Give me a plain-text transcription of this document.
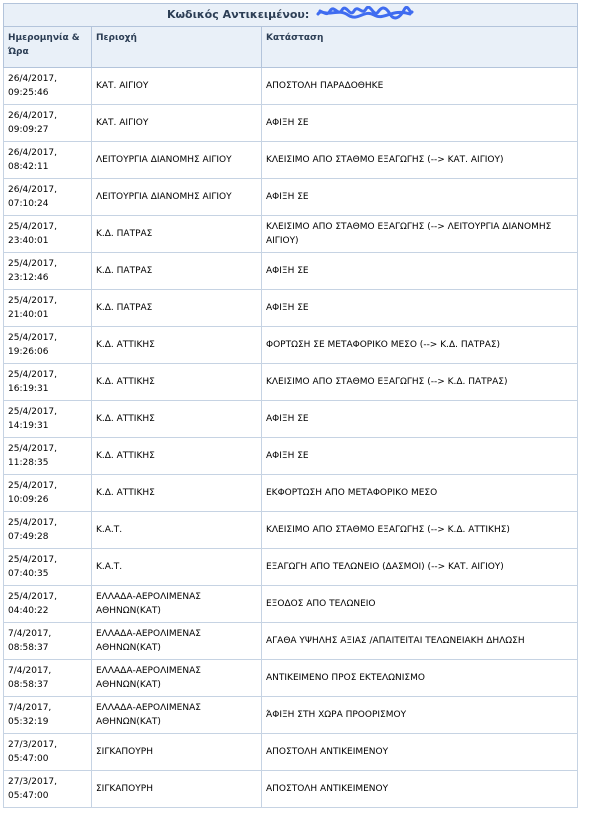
Κωδικός Αντικειμένου:		
Ημερομηνία & Ώρα	Περιοχή	Κατάσταση
26/4/2017,
09:25:46	ΚΑΤ. ΑΙΓΙΟΥ	ΑΠΟΣΤΟΛΗ ΠΑΡΑΔΟΘΗΚΕ
26/4/2017,
09:09:27	ΚΑΤ. ΑΙΓΙΟΥ	ΑΦΙΞΗ ΣΕ
26/4/2017,
08:42:11	ΛΕΙΤΟΥΡΓΙΑ ΔΙΑΝΟΜΗΣ ΑΙΓΙΟΥ	ΚΛΕΙΣΙΜΟ ΑΠΟ ΣΤΑΘΜΟ ΕΞΑΓΩΓΗΣ (--> ΚΑΤ. ΑΙΓΙΟΥ)
26/4/2017,
07:10:24	ΛΕΙΤΟΥΡΓΙΑ ΔΙΑΝΟΜΗΣ ΑΙΓΙΟΥ	ΑΦΙΞΗ ΣΕ
25/4/2017,
23:40:01	Κ.Δ. ΠΑΤΡΑΣ	ΚΛΕΙΣΙΜΟ ΑΠΟ ΣΤΑΘΜΟ ΕΞΑΓΩΓΗΣ (--> ΛΕΙΤΟΥΡΓΙΑ ΔΙΑΝΟΜΗΣ ΑΙΓΙΟΥ)
25/4/2017,
23:12:46	Κ.Δ. ΠΑΤΡΑΣ	ΑΦΙΞΗ ΣΕ
25/4/2017,
21:40:01	Κ.Δ. ΠΑΤΡΑΣ	ΑΦΙΞΗ ΣΕ
25/4/2017,
19:26:06	Κ.Δ. ΑΤΤΙΚΗΣ	ΦΟΡΤΩΣΗ ΣΕ ΜΕΤΑΦΟΡΙΚΟ ΜΕΣΟ (--> Κ.Δ. ΠΑΤΡΑΣ)
25/4/2017,
16:19:31	Κ.Δ. ΑΤΤΙΚΗΣ	ΚΛΕΙΣΙΜΟ ΑΠΟ ΣΤΑΘΜΟ ΕΞΑΓΩΓΗΣ (--> Κ.Δ. ΠΑΤΡΑΣ)
25/4/2017,
14:19:31	Κ.Δ. ΑΤΤΙΚΗΣ	ΑΦΙΞΗ ΣΕ
25/4/2017,
11:28:35	Κ.Δ. ΑΤΤΙΚΗΣ	ΑΦΙΞΗ ΣΕ
25/4/2017,
10:09:26	Κ.Δ. ΑΤΤΙΚΗΣ	ΕΚΦΟΡΤΩΣΗ ΑΠΟ ΜΕΤΑΦΟΡΙΚΟ ΜΕΣΟ
25/4/2017,
07:49:28	Κ.Α.Τ.	ΚΛΕΙΣΙΜΟ ΑΠΟ ΣΤΑΘΜΟ ΕΞΑΓΩΓΗΣ (--> Κ.Δ. ΑΤΤΙΚΗΣ)
25/4/2017,
07:40:35	Κ.Α.Τ.	ΕΞΑΓΩΓΗ ΑΠΟ ΤΕΛΩΝΕΙΟ (ΔΑΣΜΟΙ) (--> ΚΑΤ. ΑΙΓΙΟΥ)
25/4/2017,
04:40:22	ΕΛΛΑΔΑ-ΑΕΡΟΛΙΜΕΝΑΣ ΑΘΗΝΩΝ(ΚΑΤ)	ΕΞΟΔΟΣ ΑΠΟ ΤΕΛΩΝΕΙΟ
7/4/2017,
08:58:37	ΕΛΛΑΔΑ-ΑΕΡΟΛΙΜΕΝΑΣ ΑΘΗΝΩΝ(ΚΑΤ)	ΑΓΑΘΑ ΥΨΗΛΗΣ ΑΞΙΑΣ /ΑΠΑΙΤΕΙΤΑΙ ΤΕΛΩΝΕΙΑΚΗ ΔΗΛΩΣΗ
7/4/2017,
08:58:37	ΕΛΛΑΔΑ-ΑΕΡΟΛΙΜΕΝΑΣ ΑΘΗΝΩΝ(ΚΑΤ)	ΑΝΤΙΚΕΙΜΕΝΟ ΠΡΟΣ ΕΚΤΕΛΩΝΙΣΜΟ
7/4/2017,
05:32:19	ΕΛΛΑΔΑ-ΑΕΡΟΛΙΜΕΝΑΣ ΑΘΗΝΩΝ(ΚΑΤ)	ΆΦΙΞΗ ΣΤΗ ΧΩΡΑ ΠΡΟΟΡΙΣΜΟΥ
27/3/2017,
05:47:00	ΣΙΓΚΑΠΟΥΡΗ	ΑΠΟΣΤΟΛΗ ΑΝΤΙΚΕΙΜΕΝΟΥ
27/3/2017,
05:47:00	ΣΙΓΚΑΠΟΥΡΗ	ΑΠΟΣΤΟΛΗ ΑΝΤΙΚΕΙΜΕΝΟΥ
